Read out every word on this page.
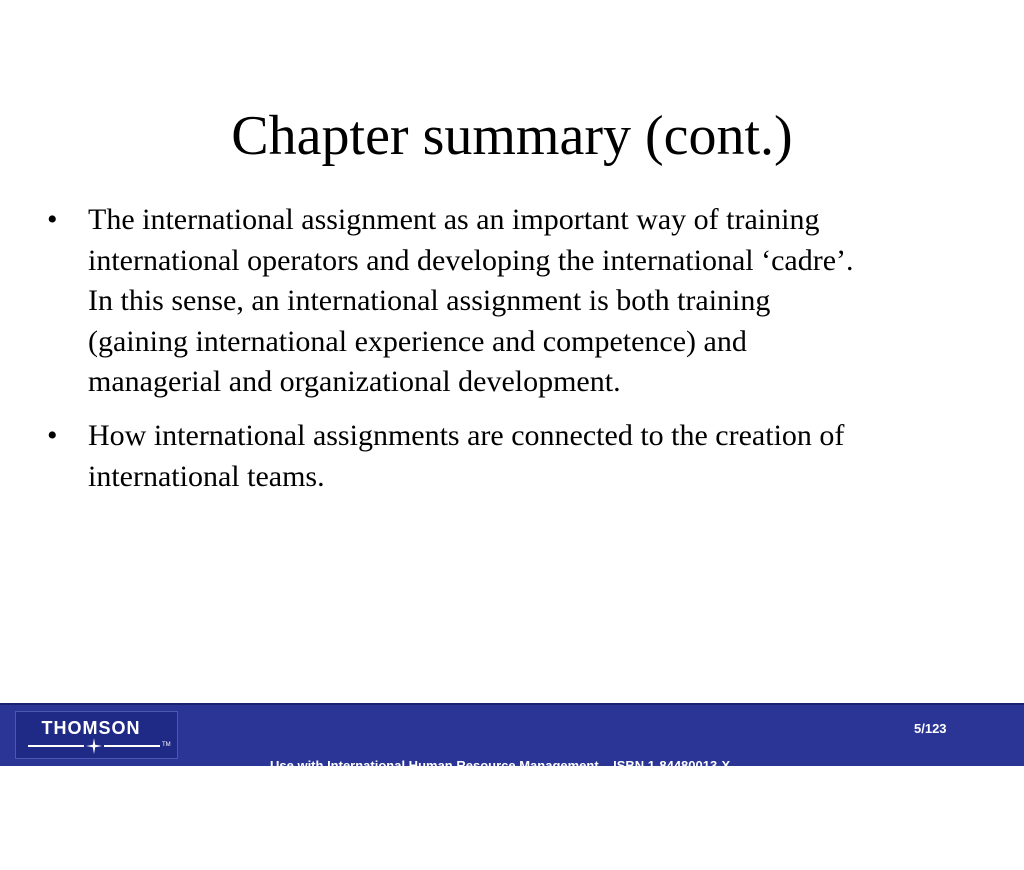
Chapter summary (cont.)
• The international assignment as an important way of training
international operators and developing the international ‘cadre’.
In this sense, an international assignment is both training
(gaining international experience and competence) and
managerial and organizational development.
• How international assignments are connected to the creation of
international teams.
THOMSON
TM

Use with International Human Resource Management    ISBN 1-84480013-X

Published by Thomson Learning   © Peter Dowling and Denice Welch

5/123
